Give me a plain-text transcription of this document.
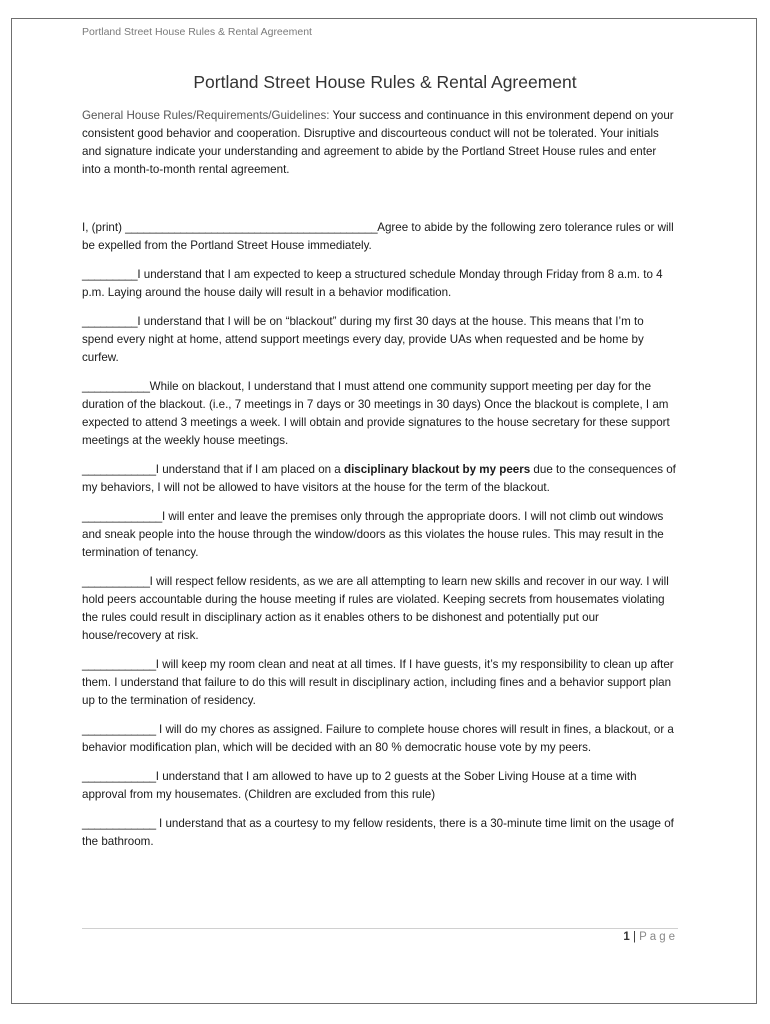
Portland Street House Rules & Rental Agreement
Portland Street House Rules & Rental Agreement

General House Rules/Requirements/Guidelines: Your success and continuance in this environment depend on your consistent good behavior and cooperation. Disruptive and discourteous conduct will not be tolerated. Your initials and signature indicate your understanding and agreement to abide by the Portland Street House rules and enter into a month-to-month rental agreement.

I, (print) _________________________________________Agree to abide by the following zero tolerance rules or will be expelled from the Portland Street House immediately.

_________I understand that I am expected to keep a structured schedule Monday through Friday from 8 a.m. to 4 p.m. Laying around the house daily will result in a behavior modification.

_________I understand that I will be on “blackout” during my first 30 days at the house. This means that I’m to spend every night at home, attend support meetings every day, provide UAs when requested and be home by curfew.

___________While on blackout, I understand that I must attend one community support meeting per day for the duration of the blackout. (i.e., 7 meetings in 7 days or 30 meetings in 30 days) Once the blackout is complete, I am expected to attend 3 meetings a week. I will obtain and provide signatures to the house secretary for these support meetings at the weekly house meetings.

____________I understand that if I am placed on a disciplinary blackout by my peers due to the consequences of my behaviors, I will not be allowed to have visitors at the house for the term of the blackout.

_____________I will enter and leave the premises only through the appropriate doors. I will not climb out windows and sneak people into the house through the window/doors as this violates the house rules. This may result in the termination of tenancy.

___________I will respect fellow residents, as we are all attempting to learn new skills and recover in our way. I will hold peers accountable during the house meeting if rules are violated. Keeping secrets from housemates violating the rules could result in disciplinary action as it enables others to be dishonest and potentially put our house/recovery at risk.

____________I will keep my room clean and neat at all times. If I have guests, it’s my responsibility to clean up after them. I understand that failure to do this will result in disciplinary action, including fines and a behavior support plan up to the termination of residency.

____________ I will do my chores as assigned. Failure to complete house chores will result in fines, a blackout, or a behavior modification plan, which will be decided with an 80 % democratic house vote by my peers.

____________I understand that I am allowed to have up to 2 guests at the Sober Living House at a time with approval from my housemates. (Children are excluded from this rule)

____________ I understand that as a courtesy to my fellow residents, there is a 30-minute time limit on the usage of the bathroom.

1 | Page
